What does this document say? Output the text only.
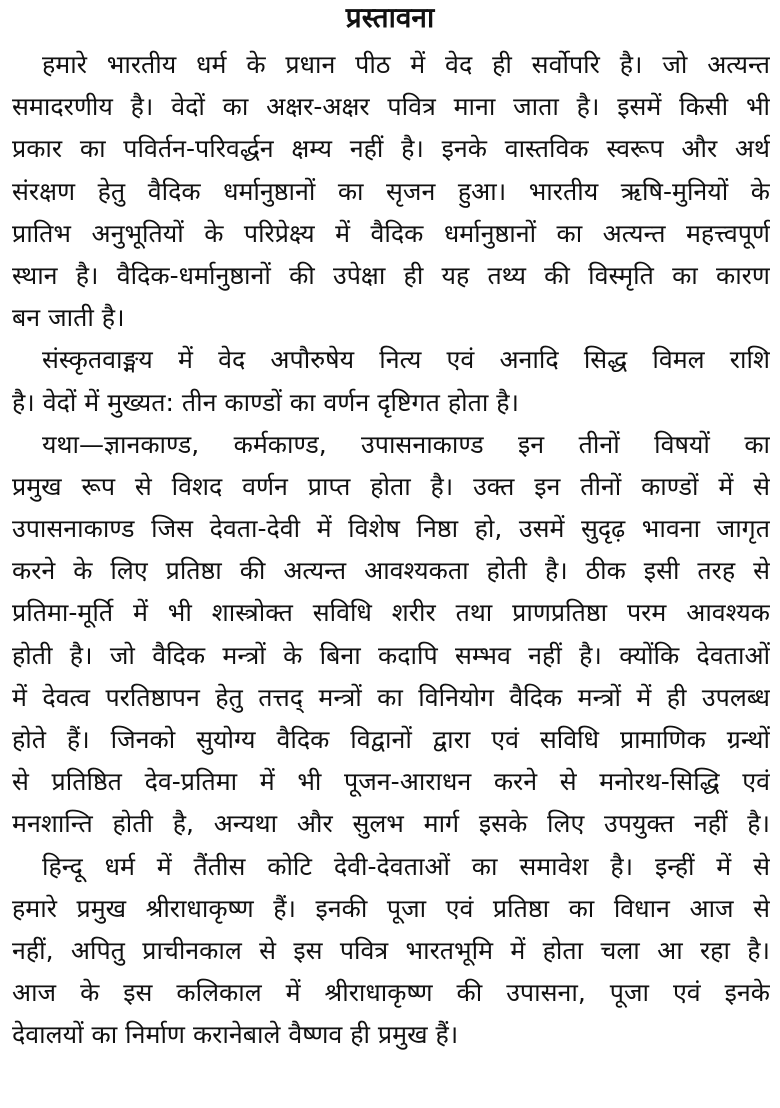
प्रस्तावना
हमारे भारतीय धर्म के प्रधान पीठ में वेद ही सर्वोपरि है। जो अत्यन्त
समादरणीय है। वेदों का अक्षर-अक्षर पवित्र माना जाता है। इसमें किसी भी
प्रकार का पविर्तन-परिवर्द्धन क्षम्य नहीं है। इनके वास्तविक स्वरूप और अर्थ
संरक्षण हेतु वैदिक धर्मानुष्ठानों का सृजन हुआ। भारतीय ऋषि-मुनियों के
प्रातिभ अनुभूतियों के परिप्रेक्ष्य में वैदिक धर्मानुष्ठानों का अत्यन्त महत्त्वपूर्ण
स्थान है। वैदिक-धर्मानुष्ठानों की उपेक्षा ही यह तथ्य की विस्मृति का कारण
बन जाती है।
संस्कृतवाङ्मय में वेद अपौरुषेय नित्य एवं अनादि सिद्ध विमल राशि
है। वेदों में मुख्यत: तीन काण्डों का वर्णन दृष्टिगत होता है।
यथा—ज्ञानकाण्ड, कर्मकाण्ड, उपासनाकाण्ड इन तीनों विषयों का
प्रमुख रूप से विशद वर्णन प्राप्त होता है। उक्त इन तीनों काण्डों में से
उपासनाकाण्ड जिस देवता-देवी में विशेष निष्ठा हो, उसमें सुदृढ़ भावना जागृत
करने के लिए प्रतिष्ठा की अत्यन्त आवश्यकता होती है। ठीक इसी तरह से
प्रतिमा-मूर्ति में भी शास्त्रोक्त सविधि शरीर तथा प्राणप्रतिष्ठा परम आवश्यक
होती है। जो वैदिक मन्त्रों के बिना कदापि सम्भव नहीं है। क्योंकि देवताओं
में देवत्व परतिष्ठापन हेतु तत्तद् मन्त्रों का विनियोग वैदिक मन्त्रों में ही उपलब्ध
होते हैं। जिनको सुयोग्य वैदिक विद्वानों द्वारा एवं सविधि प्रामाणिक ग्रन्थों
से प्रतिष्ठित देव-प्रतिमा में भी पूजन-आराधन करने से मनोरथ-सिद्धि एवं
मनशान्ति होती है, अन्यथा और सुलभ मार्ग इसके लिए उपयुक्त नहीं है।
हिन्दू धर्म में तैंतीस कोटि देवी-देवताओं का समावेश है। इन्हीं में से
हमारे प्रमुख श्रीराधाकृष्ण हैं। इनकी पूजा एवं प्रतिष्ठा का विधान आज से
नहीं, अपितु प्राचीनकाल से इस पवित्र भारतभूमि में होता चला आ रहा है।
आज के इस कलिकाल में श्रीराधाकृष्ण की उपासना, पूजा एवं इनके
देवालयों का निर्माण करानेबाले वैष्णव ही प्रमुख हैं।
